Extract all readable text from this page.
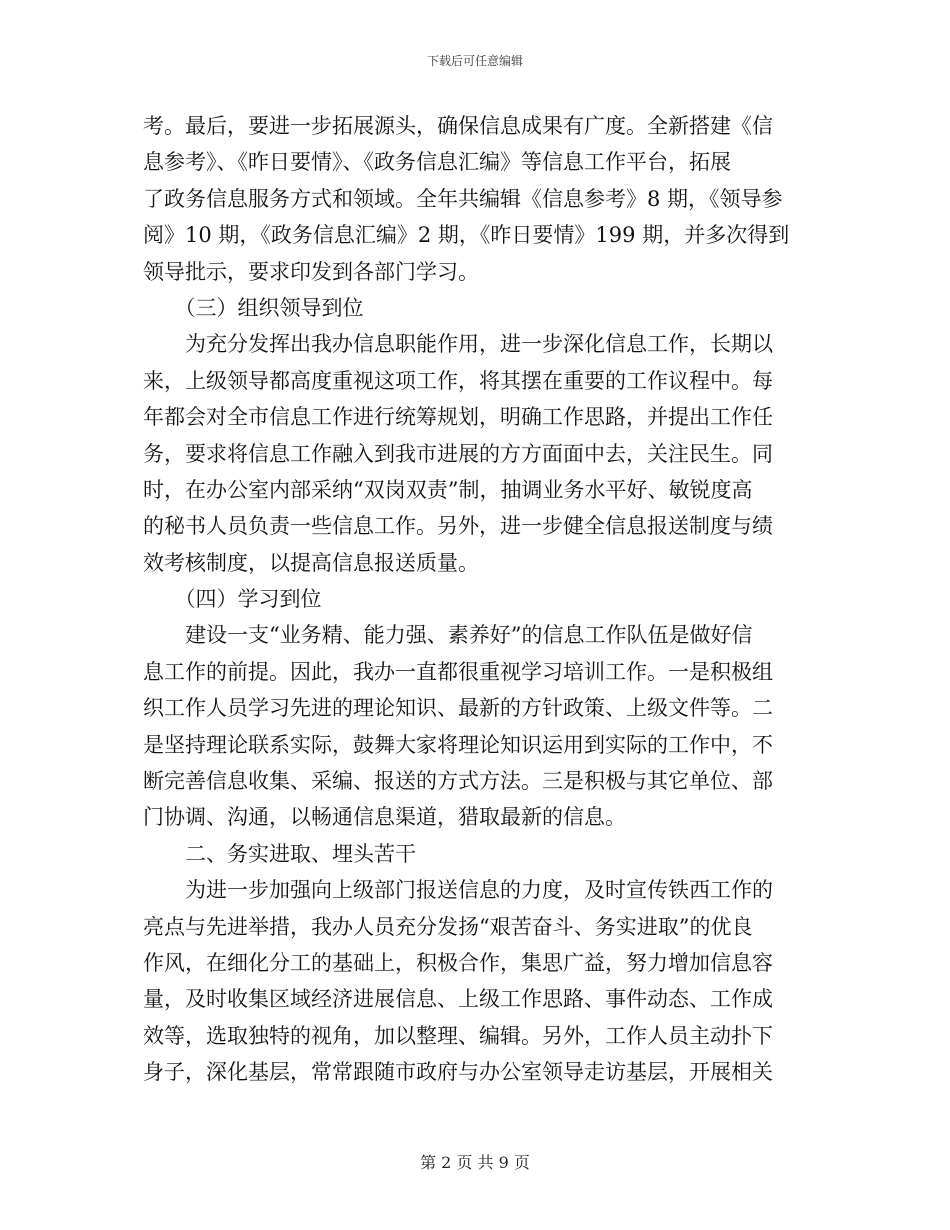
下载后可任意编辑
考。最后，要进一步拓展源头，确保信息成果有广度。全新搭建《信
息参考》、《昨日要情》、《政务信息汇编》等信息工作平台，拓展
了政务信息服务方式和领域。全年共编辑《信息参考》8 期，《领导参
阅》10 期，《政务信息汇编》2 期，《昨日要情》199 期，并多次得到
领导批示，要求印发到各部门学习。
　　（三）组织领导到位
　　为充分发挥出我办信息职能作用，进一步深化信息工作，长期以
来，上级领导都高度重视这项工作，将其摆在重要的工作议程中。每
年都会对全市信息工作进行统筹规划，明确工作思路，并提出工作任
务，要求将信息工作融入到我市进展的方方面面中去，关注民生。同
时，在办公室内部采纳“双岗双责”制，抽调业务水平好、敏锐度高
的秘书人员负责一些信息工作。另外，进一步健全信息报送制度与绩
效考核制度，以提高信息报送质量。
　　（四）学习到位
　　建设一支“业务精、能力强、素养好”的信息工作队伍是做好信
息工作的前提。因此，我办一直都很重视学习培训工作。一是积极组
织工作人员学习先进的理论知识、最新的方针政策、上级文件等。二
是坚持理论联系实际，鼓舞大家将理论知识运用到实际的工作中，不
断完善信息收集、采编、报送的方式方法。三是积极与其它单位、部
门协调、沟通，以畅通信息渠道，猎取最新的信息。
　　二、务实进取、埋头苦干
　　为进一步加强向上级部门报送信息的力度，及时宣传铁西工作的
亮点与先进举措，我办人员充分发扬“艰苦奋斗、务实进取”的优良
作风，在细化分工的基础上，积极合作，集思广益，努力增加信息容
量，及时收集区域经济进展信息、上级工作思路、事件动态、工作成
效等，选取独特的视角，加以整理、编辑。另外，工作人员主动扑下
身子，深化基层，常常跟随市政府与办公室领导走访基层，开展相关
第 2 页 共 9 页
